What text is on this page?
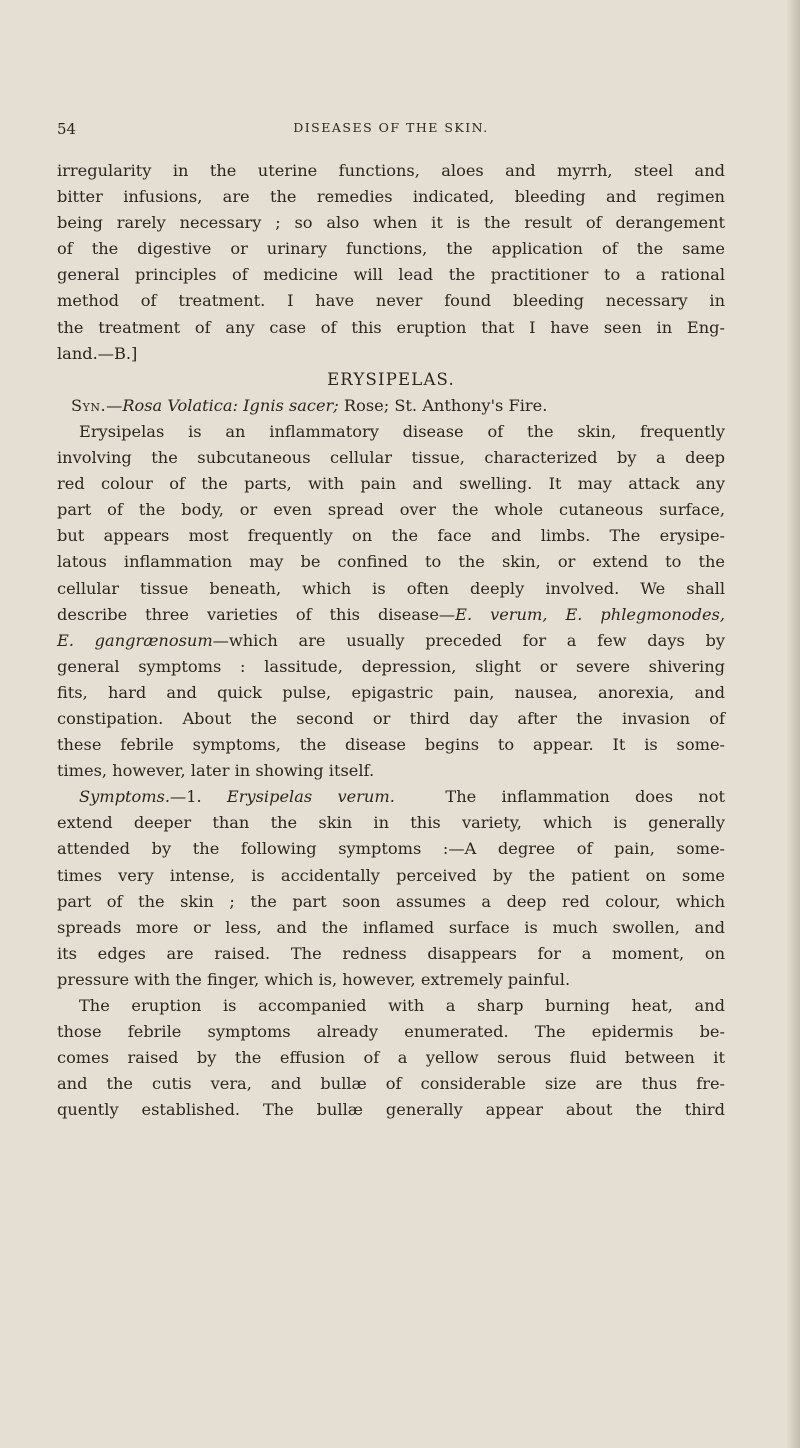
54	DISEASES OF THE SKIN.
irregularity in the uterine functions, aloes and myrrh, steel and
bitter infusions, are the remedies indicated, bleeding and regimen
being rarely necessary ; so also when it is the result of derangement
of the digestive or urinary functions, the application of the same
general principles of medicine will lead the practitioner to a rational
method of treatment. I have never found bleeding necessary in
the treatment of any case of this eruption that I have seen in Eng-
land.—B.]
ERYSIPELAS.
Syn.—Rosa Volatica: Ignis sacer; Rose; St. Anthony's Fire.
Erysipelas is an inflammatory disease of the skin, frequently
involving the subcutaneous cellular tissue, characterized by a deep
red colour of the parts, with pain and swelling. It may attack any
part of the body, or even spread over the whole cutaneous surface,
but appears most frequently on the face and limbs. The erysipe-
latous inflammation may be confined to the skin, or extend to the
cellular tissue beneath, which is often deeply involved. We shall
describe three varieties of this disease—E. verum, E. phlegmonodes,
E. gangrænosum—which are usually preceded for a few days by
general symptoms : lassitude, depression, slight or severe shivering
fits, hard and quick pulse, epigastric pain, nausea, anorexia, and
constipation. About the second or third day after the invasion of
these febrile symptoms, the disease begins to appear. It is some-
times, however, later in showing itself.
Symptoms.—1. Erysipelas verum.	The inflammation does not
extend deeper than the skin in this variety, which is generally
attended by the following symptoms :—A degree of pain, some-
times very intense, is accidentally perceived by the patient on some
part of the skin ; the part soon assumes a deep red colour, which
spreads more or less, and the inflamed surface is much swollen, and
its edges are raised. The redness disappears for a moment, on
pressure with the finger, which is, however, extremely painful.
The eruption is accompanied with a sharp burning heat, and
those febrile symptoms already enumerated. The epidermis be-
comes raised by the effusion of a yellow serous fluid between it
and the cutis vera, and bullæ of considerable size are thus fre-
quently established. The bullæ generally appear about the third
